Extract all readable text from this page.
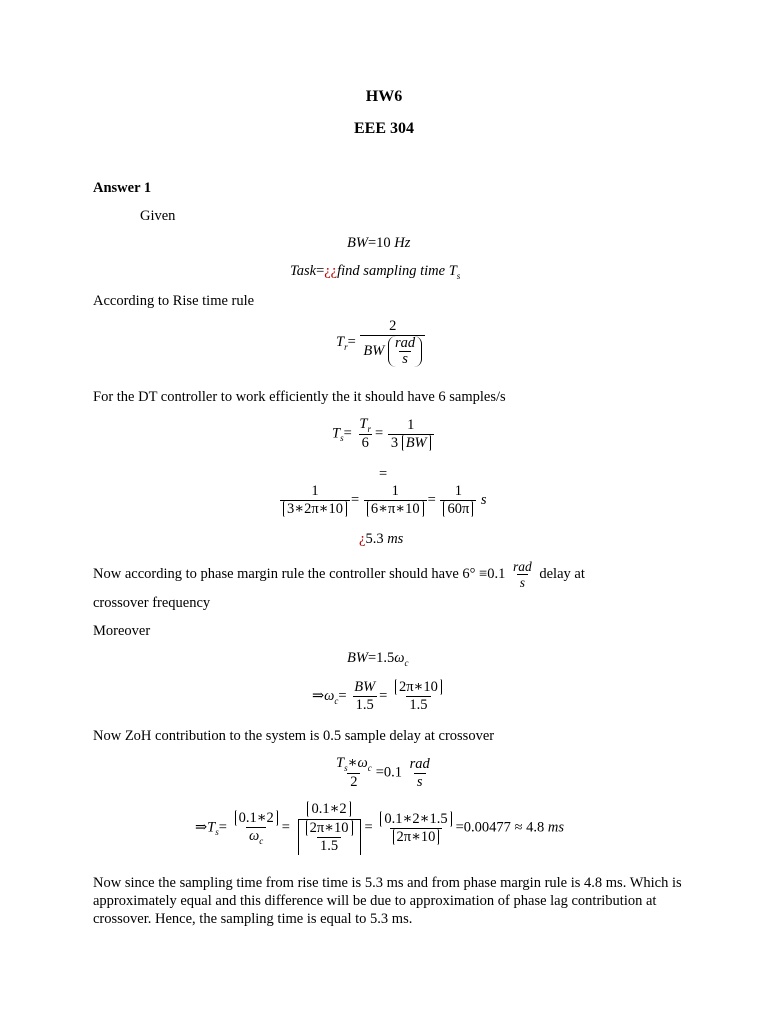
HW6
EEE 304
Answer 1
Given
BW=10 Hz
Task=¿¿find sampling time $T_s$
According to Rise time rule
$T_r= \frac{2}{BW \frac{\text{rad}}{s}}$
For the DT controller to work efficiently the it should have 6 samples/s
$T_s= \frac{T_r}{6} = \frac{1}{3 BW}$
=
$\frac{1}{3∗2\pi∗10} = \frac{1}{6∗\pi∗10} = \frac{1}{60\pi}$ s
¿5.3 ms
Now according to phase margin rule the controller should have $6^\circ \equiv 0.1 \frac{\text{rad}}{s}$ delay at
crossover frequency
Moreover
$BW=1.5\omega_c$
$\Rightarrow\omega_c= \frac{BW}{1.5} = \frac{2\pi∗10}{1.5}$
Now ZoH contribution to the system is 0.5 sample delay at crossover
$\frac{T_s∗\omega_c}{2} =0.1 \frac{\text{rad}}{s}$
$\Rightarrow T_s= \frac{0.1∗2}{\omega_c}$ =
0.1∗2
$\frac{2\pi∗10}{1.5} = \frac{0.1∗2∗1.5}{2\pi∗10} =0.00477 \approx 4.8$ ms
Now since the sampling time from rise time is 5.3 ms and from phase margin rule is 4.8 ms. Which is approximately equal and this difference will be due to approximation of phase lag contribution at crossover. Hence, the sampling time is equal to 5.3 ms.
